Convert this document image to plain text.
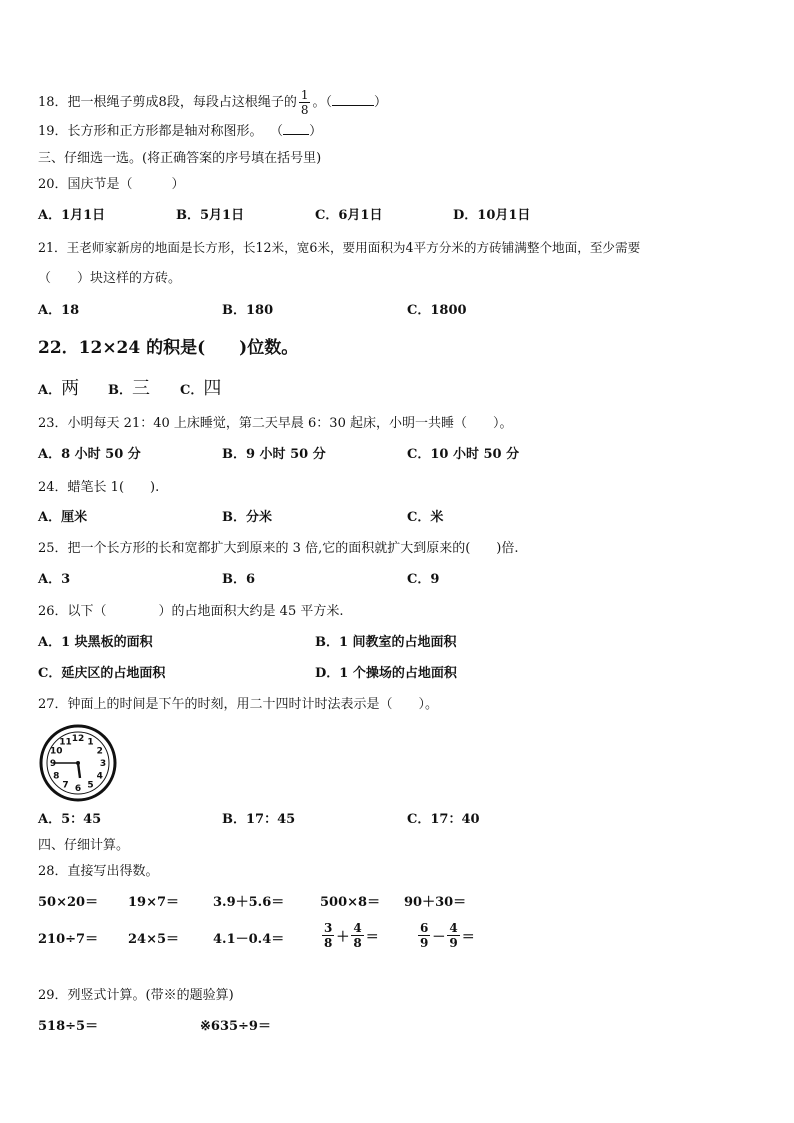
18．把一根绳子剪成8段，每段占这根绳子的 $\frac{1}{8}$ 。（	）
19．长方形和正方形都是轴对称图形。 （ ）
三、仔细选一选。(将正确答案的序号填在括号里)
20．国庆节是（　　　）
A．1月1日	B．5月1日	C．6月1日	D．10月1日
21．王老师家新房的地面是长方形，长12米，宽6米，要用面积为4平方分米的方砖铺满整个地面，至少需要
（　　）块这样的方砖。
A．18	B．180	C．1800
22．12×24 的积是(　　)位数。
A．两 B．三 C．四
23．小明每天 21：40 上床睡觉，第二天早晨 6：30 起床，小明一共睡（　　）。
A．8 小时 50 分	B．9 小时 50 分	C．10 小时 50 分
24．蜡笔长 1(　　).
A．厘米	B．分米	C．米
25．把一个长方形的长和宽都扩大到原来的 3 倍,它的面积就扩大到原来的(　　)倍.
A．3	B．6	C．9
26．以下（　　　　）的占地面积大约是 45 平方米.
A．1 块黑板的面积	B．1 间教室的占地面积
C．延庆区的占地面积	D．1 个操场的占地面积
27．钟面上的时间是下午的时刻，用二十四时计时法表示是（　　）。
12 1
2
3
4
5
6
7
8
9
10
11
A．5：45	B．17：45	C．17：40
四、仔细计算。
28．直接写出得数。
50×20＝ 19×7＝	3.9＋5.6＝	500×8＝ 90＋30＝
210÷7＝ 24×5＝	4.1－0.4＝	$\frac{3}{8} + \frac{4}{8}$ ＝	$\frac{6}{9} - \frac{4}{9}$ ＝
29．列竖式计算。(带※的题验算)
518÷5＝	※635÷9＝
